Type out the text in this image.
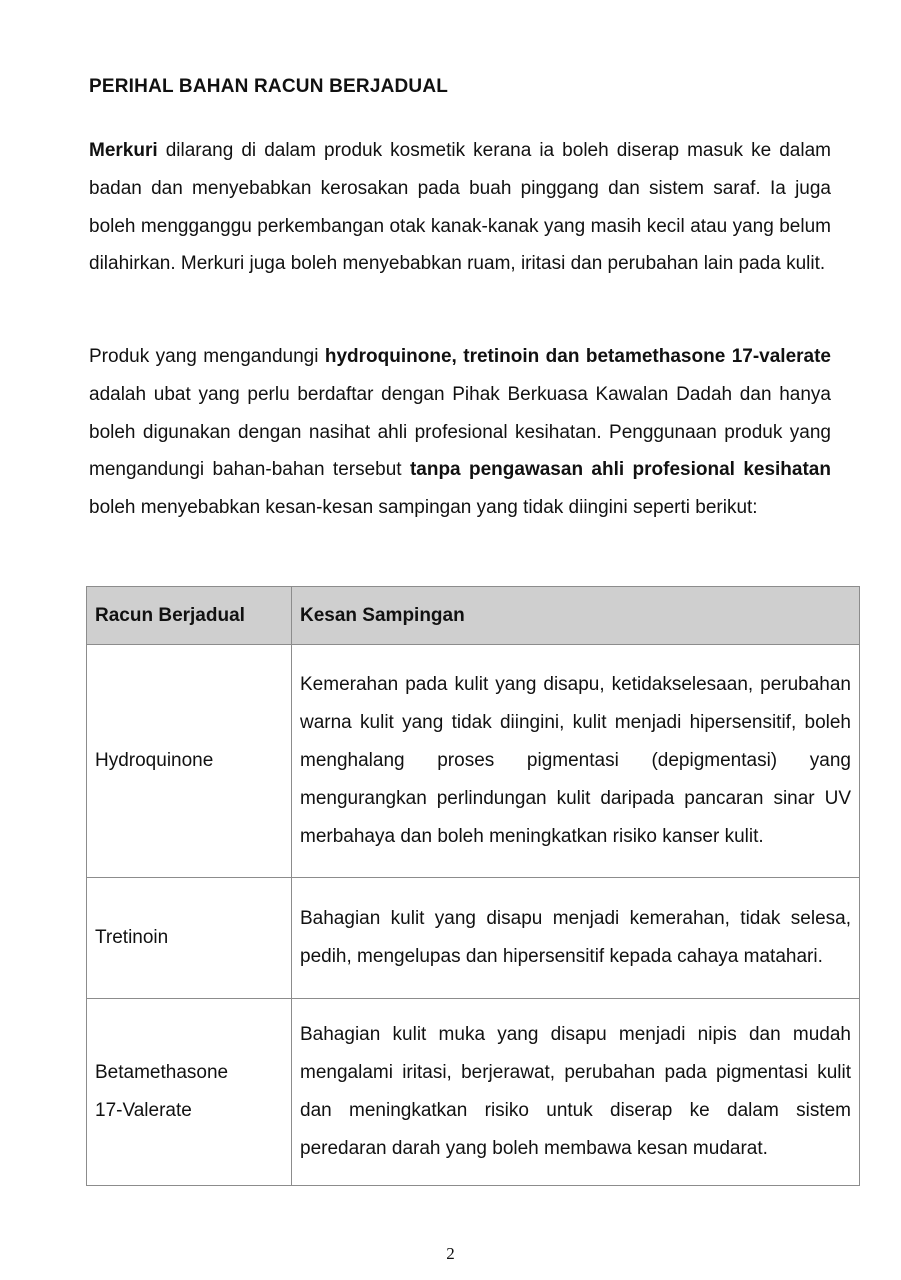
PERIHAL BAHAN RACUN BERJADUAL

Merkuri dilarang di dalam produk kosmetik kerana ia boleh diserap masuk ke dalam badan dan menyebabkan kerosakan pada buah pinggang dan sistem saraf. Ia juga boleh mengganggu perkembangan otak kanak-kanak yang masih kecil atau yang belum dilahirkan. Merkuri juga boleh menyebabkan ruam, iritasi dan perubahan lain pada kulit.

Produk yang mengandungi hydroquinone, tretinoin dan betamethasone 17-valerate adalah ubat yang perlu berdaftar dengan Pihak Berkuasa Kawalan Dadah dan hanya boleh digunakan dengan nasihat ahli profesional kesihatan. Penggunaan produk yang mengandungi bahan-bahan tersebut tanpa pengawasan ahli profesional kesihatan boleh menyebabkan kesan-kesan sampingan yang tidak diingini seperti berikut:

Racun Berjadual	Kesan Sampingan
Hydroquinone	Kemerahan pada kulit yang disapu, ketidakselesaan, perubahan warna kulit yang tidak diingini, kulit menjadi hipersensitif, boleh menghalang proses pigmentasi (depigmentasi) yang mengurangkan perlindungan kulit daripada pancaran sinar UV merbahaya dan boleh meningkatkan risiko kanser kulit.
Tretinoin	Bahagian kulit yang disapu menjadi kemerahan, tidak selesa, pedih, mengelupas dan hipersensitif kepada cahaya matahari.
Betamethasone
17-Valerate	Bahagian kulit muka yang disapu menjadi nipis dan mudah mengalami iritasi, berjerawat, perubahan pada pigmentasi kulit dan meningkatkan risiko untuk diserap ke dalam sistem peredaran darah yang boleh membawa kesan mudarat.
2
